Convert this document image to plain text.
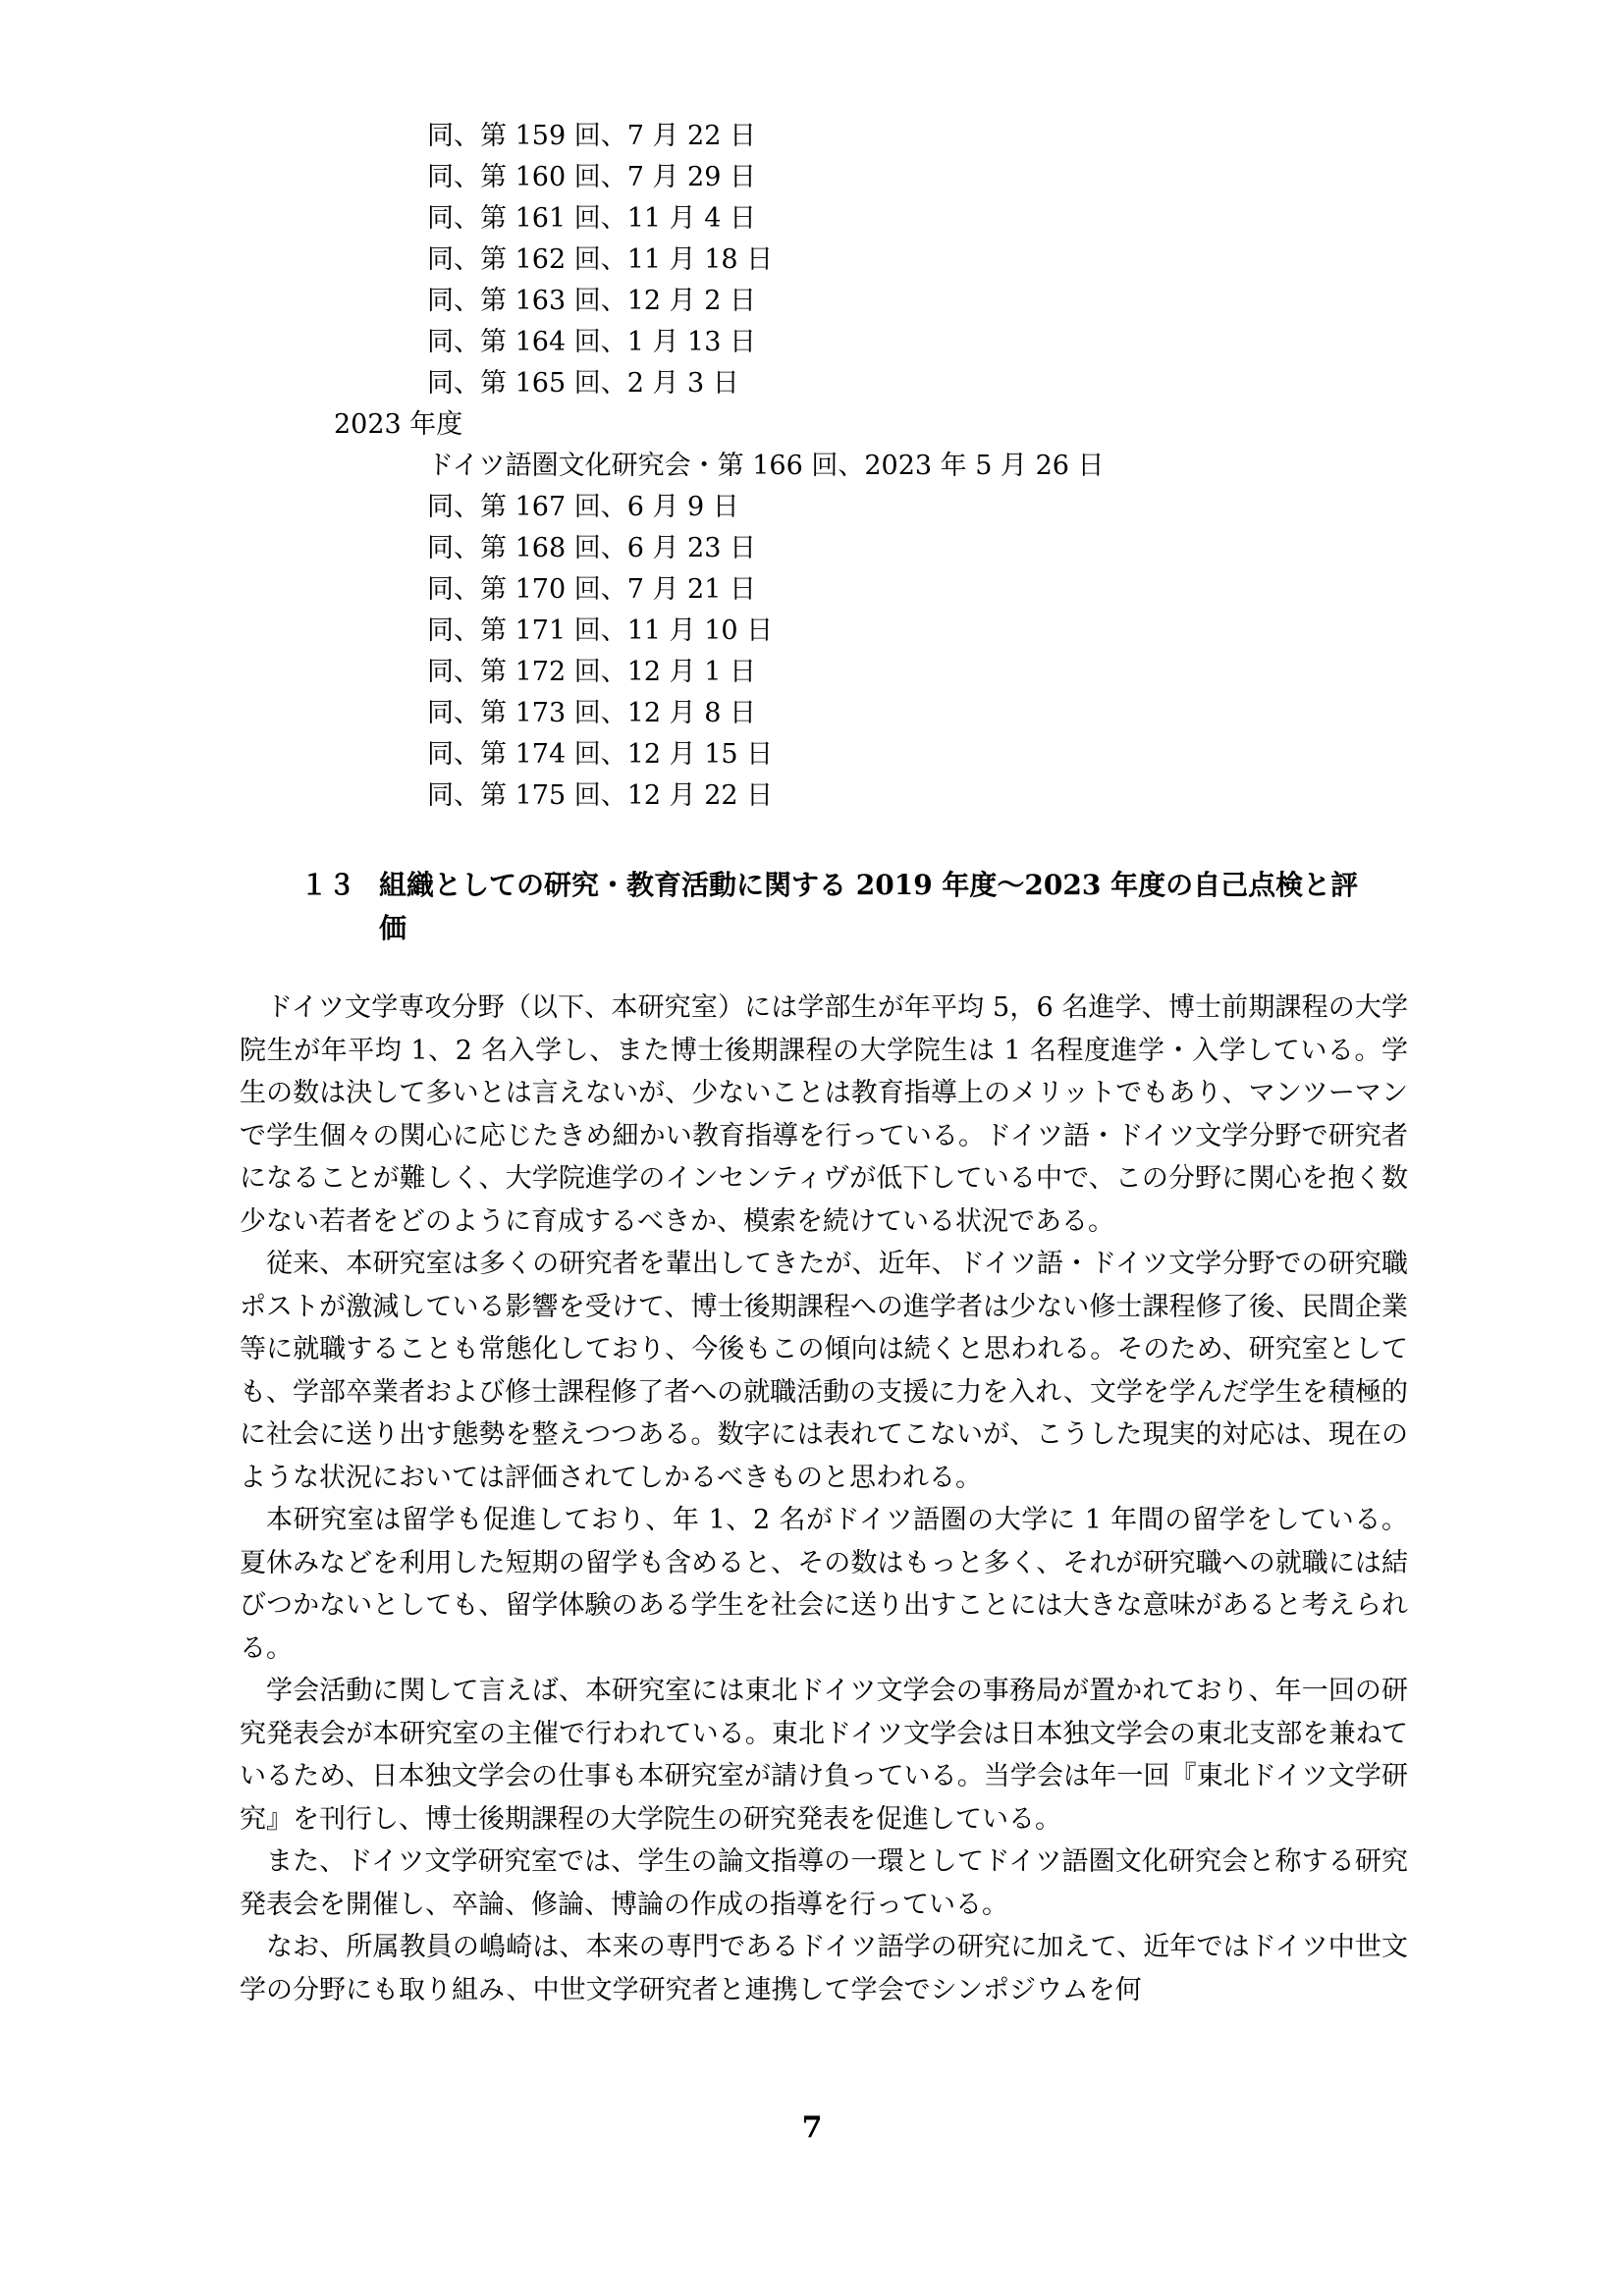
同、第 159 回、7 月 22 日
同、第 160 回、7 月 29 日
同、第 161 回、11 月 4 日
同、第 162 回、11 月 18 日
同、第 163 回、12 月 2 日
同、第 164 回、1 月 13 日
同、第 165 回、2 月 3 日
2023 年度
ドイツ語圏文化研究会・第 166 回、2023 年 5 月 26 日
同、第 167 回、6 月 9 日
同、第 168 回、6 月 23 日
同、第 170 回、7 月 21 日
同、第 171 回、11 月 10 日
同、第 172 回、12 月 1 日
同、第 173 回、12 月 8 日
同、第 174 回、12 月 15 日
同、第 175 回、12 月 22 日
１３ 組織としての研究・教育活動に関する 2019 年度〜2023 年度の自己点検と評
価

ドイツ文学専攻分野（以下、本研究室）には学部生が年平均 5，6 名進学、博士前期課程の大学院生が年平均 1、2 名入学し、また博士後期課程の大学院生は 1 名程度進学・入学している。学生の数は決して多いとは言えないが、少ないことは教育指導上のメリットでもあり、マンツーマンで学生個々の関心に応じたきめ細かい教育指導を行っている。ドイツ語・ドイツ文学分野で研究者になることが難しく、大学院進学のインセンティヴが低下している中で、この分野に関心を抱く数少ない若者をどのように育成するべきか、模索を続けている状況である。

従来、本研究室は多くの研究者を輩出してきたが、近年、ドイツ語・ドイツ文学分野での研究職ポストが激減している影響を受けて、博士後期課程への進学者は少ない修士課程修了後、民間企業等に就職することも常態化しており、今後もこの傾向は続くと思われる。そのため、研究室としても、学部卒業者および修士課程修了者への就職活動の支援に力を入れ、文学を学んだ学生を積極的に社会に送り出す態勢を整えつつある。数字には表れてこないが、こうした現実的対応は、現在のような状況においては評価されてしかるべきものと思われる。

本研究室は留学も促進しており、年 1、2 名がドイツ語圏の大学に 1 年間の留学をしている。夏休みなどを利用した短期の留学も含めると、その数はもっと多く、それが研究職への就職には結びつかないとしても、留学体験のある学生を社会に送り出すことには大きな意味があると考えられる。

学会活動に関して言えば、本研究室には東北ドイツ文学会の事務局が置かれており、年一回の研究発表会が本研究室の主催で行われている。東北ドイツ文学会は日本独文学会の東北支部を兼ねているため、日本独文学会の仕事も本研究室が請け負っている。当学会は年一回『東北ドイツ文学研究』を刊行し、博士後期課程の大学院生の研究発表を促進している。

また、ドイツ文学研究室では、学生の論文指導の一環としてドイツ語圏文化研究会と称する研究発表会を開催し、卒論、修論、博論の作成の指導を行っている。

なお、所属教員の嶋崎は、本来の専門であるドイツ語学の研究に加えて、近年ではドイツ中世文学の分野にも取り組み、中世文学研究者と連携して学会でシンポジウムを何

7
